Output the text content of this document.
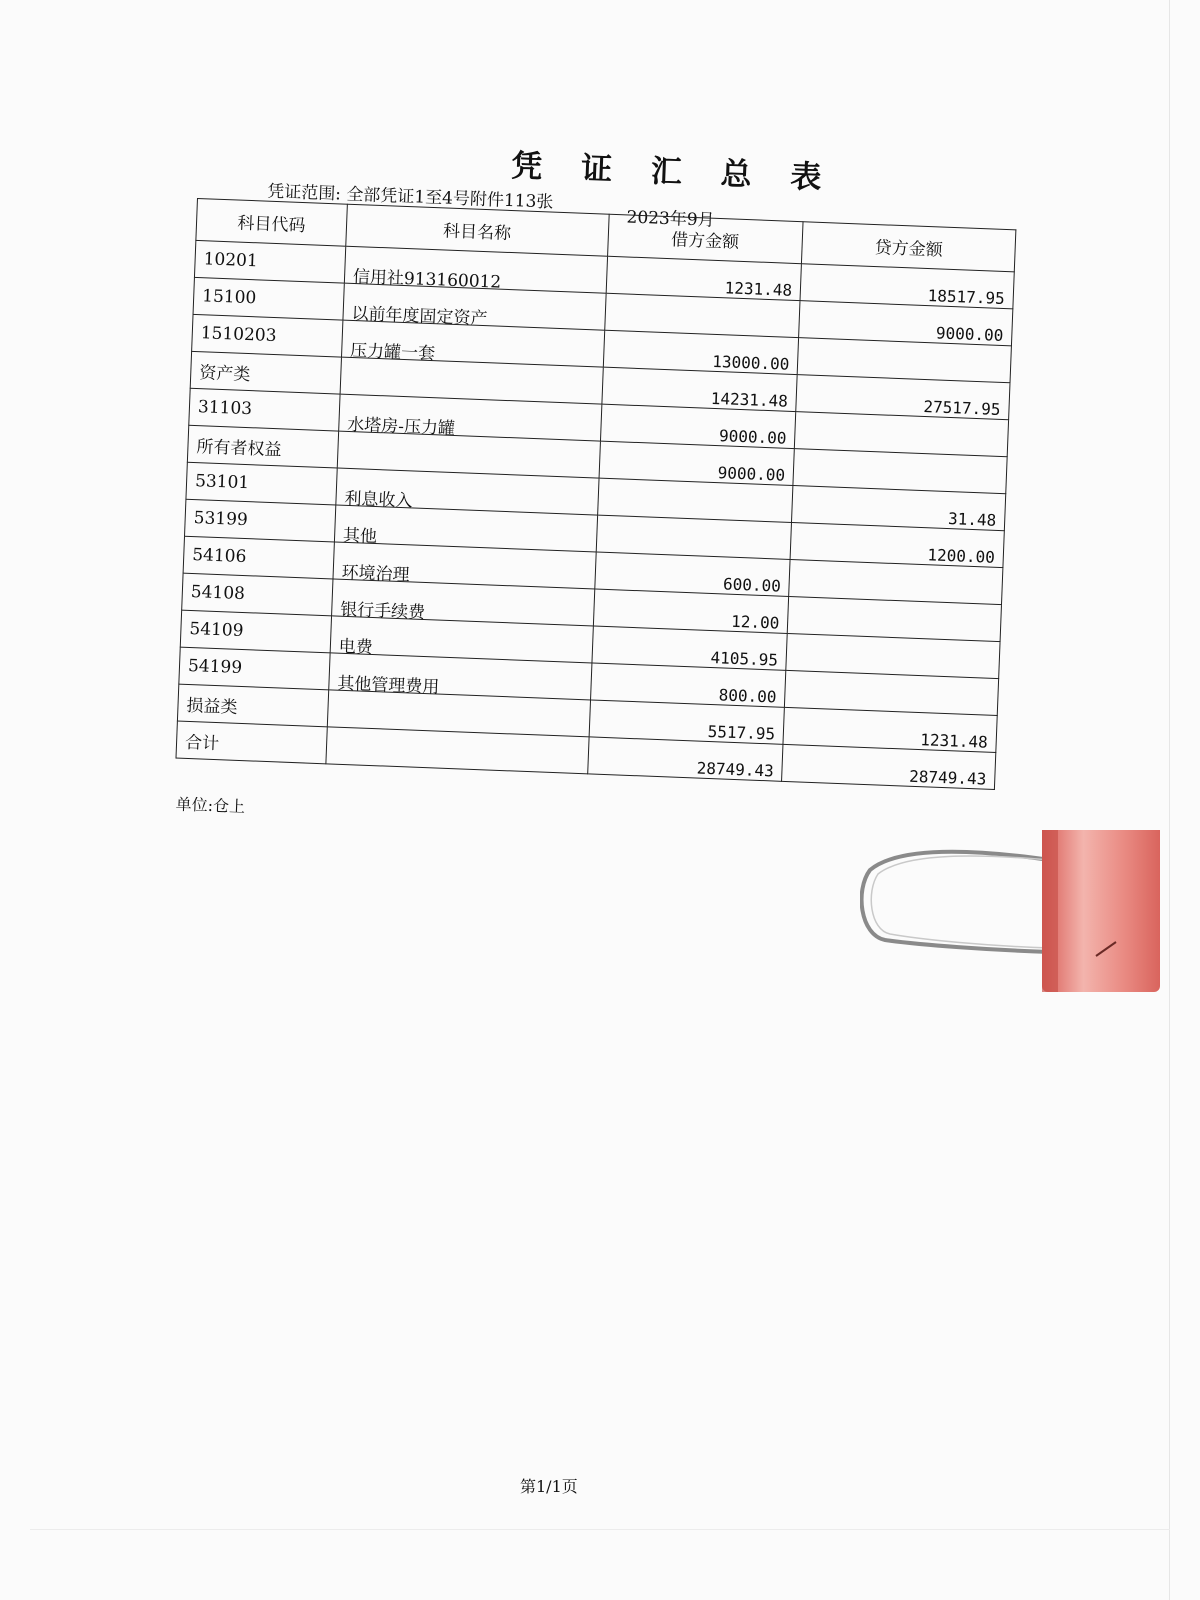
凭 证 汇 总 表
凭证范围: 全部凭证1至4号附件113张
2023年9月
科目代码	科目名称	借方金额	贷方金额
10201	信用社913160012	1231.48	18517.95
15100	以前年度固定资产		9000.00
1510203	压力罐一套	13000.00	
资产类		14231.48	27517.95
31103	水塔房-压力罐	9000.00	
所有者权益		9000.00	
53101	利息收入		31.48
53199	其他		1200.00
54106	环境治理	600.00	
54108	银行手续费	12.00	
54109	电费	4105.95	
54199	其他管理费用	800.00	
损益类		5517.95	1231.48
合计		28749.43	28749.43
单位:仓上
第1/1页
